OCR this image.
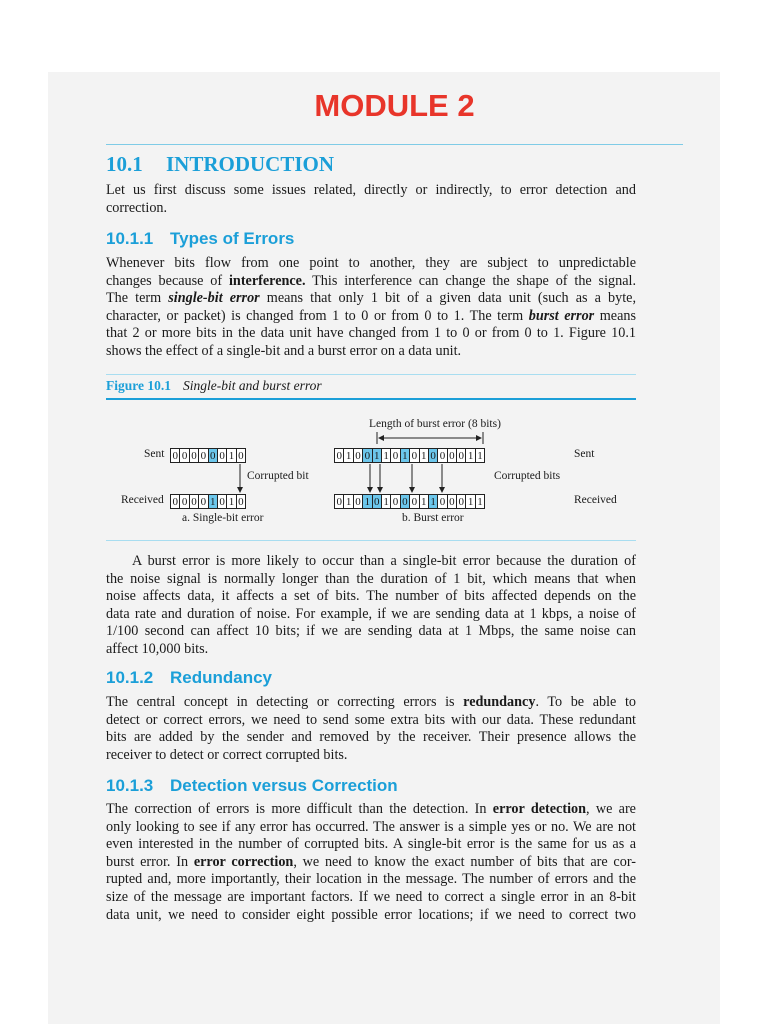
MODULE 2
10.1 INTRODUCTION

Let us first discuss some issues related, directly or indirectly, to error detection and
correction.

10.1.1 Types of Errors

Whenever bits flow from one point to another, they are subject to unpredictable
changes because of interference. This interference can change the shape of the signal.
The term single-bit error means that only 1 bit of a given data unit (such as a byte,
character, or packet) is changed from 1 to 0 or from 0 to 1. The term burst error means
that 2 or more bits in the data unit have changed from 1 to 0 or from 0 to 1. Figure 10.1
shows the effect of a single-bit and a burst error on a data unit.

Figure 10.1 Single-bit and burst error
Length of burst error (8 bits)
Sent 0 0 0 0 0 0 1 0
Corrupted bit
Received 0 0 0 0 1 0 1 0
a. Single-bit error
0 1 0 0 1 1 0 1 0 1 0 0 0 0 1 1	Sent
Corrupted bits
0 1 0 1 0 1 0 0 0 1 1 0 0 0 1 1	Received
b. Burst error

A burst error is more likely to occur than a single-bit error because the duration of
the noise signal is normally longer than the duration of 1 bit, which means that when
noise affects data, it affects a set of bits. The number of bits affected depends on the
data rate and duration of noise. For example, if we are sending data at 1 kbps, a noise of
1/100 second can affect 10 bits; if we are sending data at 1 Mbps, the same noise can
affect 10,000 bits.

10.1.2 Redundancy

The central concept in detecting or correcting errors is redundancy. To be able to
detect or correct errors, we need to send some extra bits with our data. These redundant
bits are added by the sender and removed by the receiver. Their presence allows the
receiver to detect or correct corrupted bits.

10.1.3 Detection versus Correction

The correction of errors is more difficult than the detection. In error detection, we are
only looking to see if any error has occurred. The answer is a simple yes or no. We are not
even interested in the number of corrupted bits. A single-bit error is the same for us as a
burst error. In error correction, we need to know the exact number of bits that are cor-
rupted and, more importantly, their location in the message. The number of errors and the
size of the message are important factors. If we need to correct a single error in an 8-bit
data unit, we need to consider eight possible error locations; if we need to correct two
